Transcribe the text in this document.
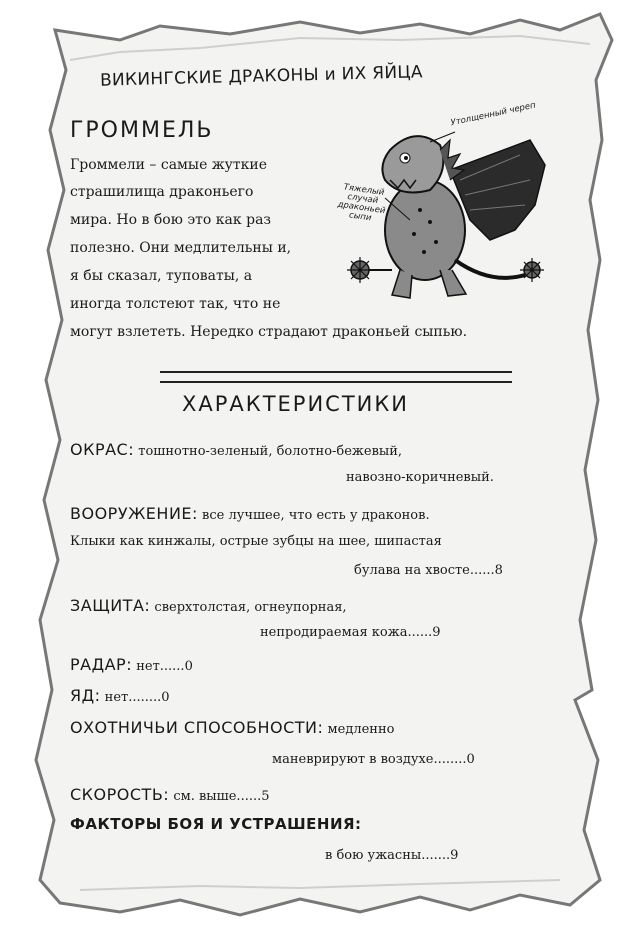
ВИКИНГСКИЕ ДРАКОНЫ и ИХ ЯЙЦА
ГРОММЕЛЬ
Громмели – самые жуткие
страшилища драконьего
мира. Но в бою это как раз
полезно. Они медлительны и,
я бы сказал, туповаты, а
иногда толстеют так, что не
могут взлететь. Нередко страдают драконьей сыпью.
Утолщенный череп
Тяжелый случай драконьей сыпи
ХАРАКТЕРИСТИКИ
ОКРАС: тошнотно-зеленый, болотно-бежевый,
навозно-коричневый.
ВООРУЖЕНИЕ: все лучшее, что есть у драконов.
Клыки как кинжалы, острые зубцы на шее, шипастая
булава на хвосте......8
ЗАЩИТА: сверхтолстая, огнеупорная,
непродираемая кожа......9
РАДАР: нет......0
ЯД: нет........0
ОХОТНИЧЬИ СПОСОБНОСТИ: медленно
маневрируют в воздухе........0
СКОРОСТЬ: см. выше......5
ФАКТОРЫ БОЯ И УСТРАШЕНИЯ:
в бою ужасны.......9
